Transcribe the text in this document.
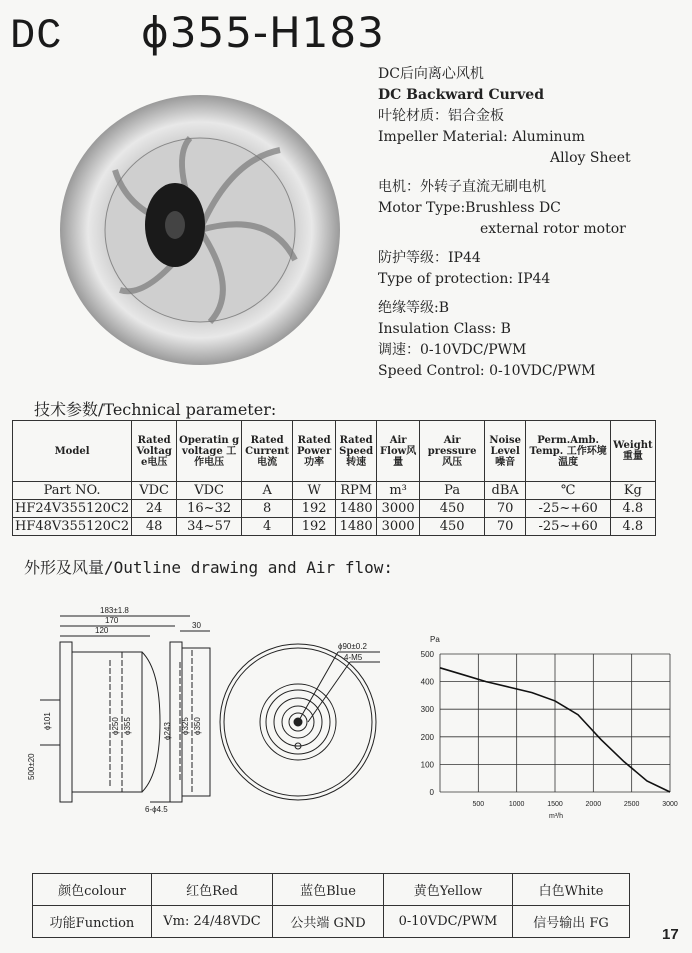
DC ϕ355-H183
DC后向离心风机
DC Backward Curved
叶轮材质：铝合金板
Impeller Material: Aluminum
Alloy Sheet
电机：外转子直流无刷电机
Motor Type:Brushless DC
external rotor motor
防护等级：IP44
Type of protection: IP44
绝缘等级:B
Insulation Class: B
调速：0-10VDC/PWM
Speed Control: 0-10VDC/PWM
技术参数/Technical parameter:
Model	Rated Voltag e电压	Operatin g voltage 工作电压	Rated Current 电流	Rated Power 功率	Rated Speed 转速	Air Flow风量	Air pressure 风压	Noise Level 噪音	Perm.Amb. Temp. 工作环境温度	Weight 重量
Part NO.	VDC	VDC	A	W	RPM	m³	Pa	dBA	℃	Kg
HF24V355120C2	24	16~32	8	192	1480	3000	450	70	-25~+60	4.8
HF48V355120C2	48	34~57	4	192	1480	3000	450	70	-25~+60	4.8
外形及风量/Outline drawing and Air flow:
183±1.8
170
120
30
ϕ101
500±20
ϕ250 ϕ355	ϕ243 ϕ325 ϕ350
6-ϕ4.5
ϕ90±0.2
4-M5
0
100
200
300
400
500
500	1000	1500	2000	2500	3000
Pa
m³/h
颜色colour	红色Red	蓝色Blue	黄色Yellow	白色White
功能Function	Vm: 24/48VDC	公共端 GND	0-10VDC/PWM	信号输出 FG
17
